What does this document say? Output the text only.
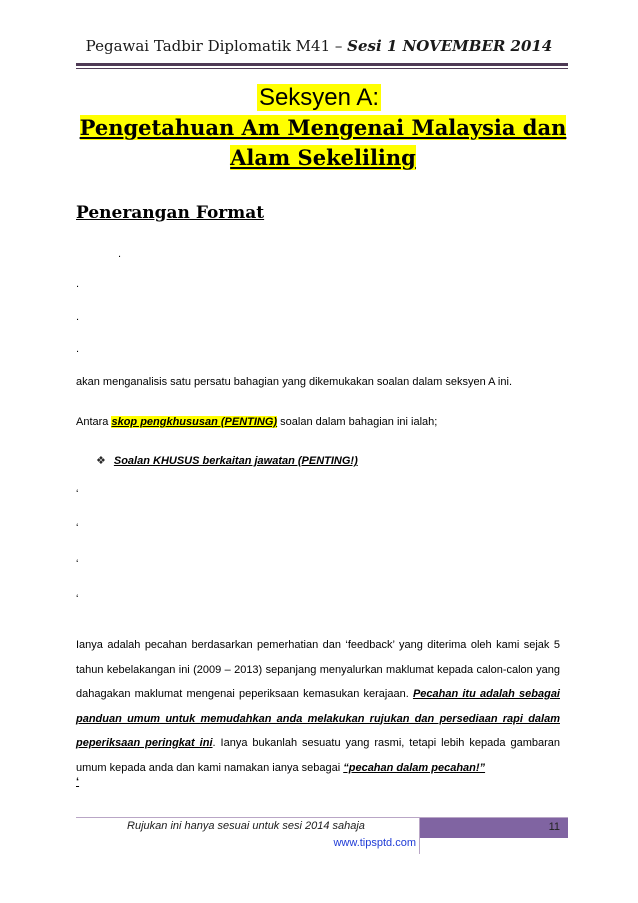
Pegawai Tadbir Diplomatik M41 – Sesi 1 NOVEMBER 2014
Seksyen A:
Pengetahuan Am Mengenai Malaysia dan
Alam Sekeliling
Penerangan Format
.
.
.
.
akan menganalisis satu persatu bahagian yang dikemukakan soalan dalam seksyen A ini.
Antara skop pengkhususan (PENTING) soalan dalam bahagian ini ialah;
❖ Soalan KHUSUS berkaitan jawatan (PENTING!)
‘
‘
‘
‘
Ianya adalah pecahan berdasarkan pemerhatian dan ‘feedback’ yang diterima oleh kami sejak 5 tahun kebelakangan ini (2009 – 2013) sepanjang menyalurkan maklumat kepada calon-calon yang dahagakan maklumat mengenai peperiksaan kemasukan kerajaan. Pecahan itu adalah sebagai panduan umum untuk memudahkan anda melakukan rujukan dan persediaan rapi dalam peperiksaan peringkat ini. Ianya bukanlah sesuatu yang rasmi, tetapi lebih kepada gambaran umum kepada anda dan kami namakan ianya sebagai “pecahan dalam pecahan!”
‘
Rujukan ini hanya sesuai untuk sesi 2014 sahaja
www.tipsptd.com
11
